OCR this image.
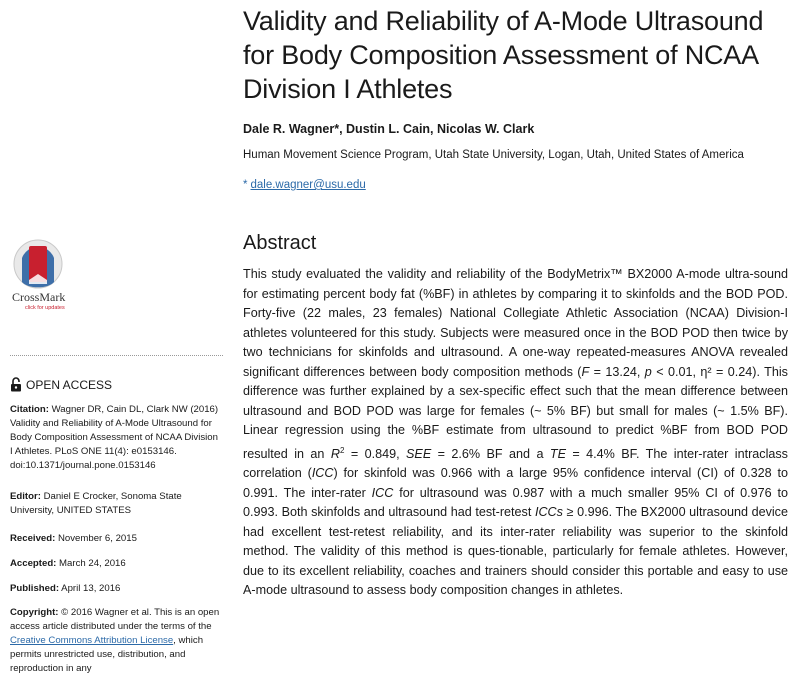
Validity and Reliability of A-Mode Ultrasound for Body Composition Assessment of NCAA Division I Athletes
Dale R. Wagner*, Dustin L. Cain, Nicolas W. Clark
Human Movement Science Program, Utah State University, Logan, Utah, United States of America
* dale.wagner@usu.edu
Abstract

This study evaluated the validity and reliability of the BodyMetrix™ BX2000 A-mode ultra-sound for estimating percent body fat (%BF) in athletes by comparing it to skinfolds and the BOD POD. Forty-five (22 males, 23 females) National Collegiate Athletic Association (NCAA) Division-I athletes volunteered for this study. Subjects were measured once in the BOD POD then twice by two technicians for skinfolds and ultrasound. A one-way repeated-measures ANOVA revealed significant differences between body composition methods (F = 13.24, p < 0.01, η² = 0.24). This difference was further explained by a sex-specific effect such that the mean difference between ultrasound and BOD POD was large for females (~ 5% BF) but small for males (~ 1.5% BF). Linear regression using the %BF estimate from ultrasound to predict %BF from BOD POD resulted in an $R^2 = 0.849$, SEE = 2.6% BF and a TE = 4.4% BF. The inter-rater intraclass correlation (ICC) for skinfold was 0.966 with a large 95% confidence interval (CI) of 0.328 to 0.991. The inter-rater ICC for ultrasound was 0.987 with a much smaller 95% CI of 0.976 to 0.993. Both skinfolds and ultrasound had test-retest ICCs ≥ 0.996. The BX2000 ultrasound device had excellent test-retest reliability, and its inter-rater reliability was superior to the skinfold method. The validity of this method is ques-tionable, particularly for female athletes. However, due to its excellent reliability, coaches and trainers should consider this portable and easy to use A-mode ultrasound to assess body composition changes in athletes.

CrossMark
click for updates
OPEN ACCESS
Citation: Wagner DR, Cain DL, Clark NW (2016) Validity and Reliability of A-Mode Ultrasound for Body Composition Assessment of NCAA Division I Athletes. PLoS ONE 11(4): e0153146. doi:10.1371/journal.pone.0153146
Editor: Daniel E Crocker, Sonoma State University, UNITED STATES
Received: November 6, 2015
Accepted: March 24, 2016
Published: April 13, 2016
Copyright: © 2016 Wagner et al. This is an open access article distributed under the terms of the Creative Commons Attribution License, which permits unrestricted use, distribution, and reproduction in any
